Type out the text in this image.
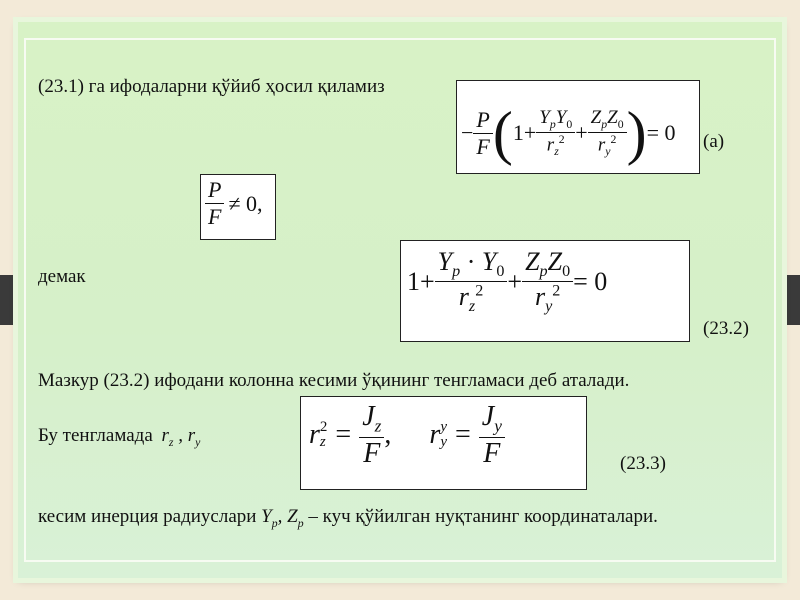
(23.1) га ифодаларни қўйиб ҳосил қиламиз
− $\frac{P}{F}$ ( $1+ \frac{Y_pY_0}{r_z^2} + \frac{Z_pZ_0}{r_y^2}$ ) = 0 (а)
$\frac{P}{F} \ne 0$,
демак	$1+ \frac{Y_p \cdot Y_0}{r_z^2} + \frac{Z_pZ_0}{r_y^2} = 0$
(23.2)
Мазкур (23.2) ифодани колонна кесими ўқининг тенгламаси деб аталади.
Бу тенгламада $r_z$ , $r_y$	r 2
$z = \frac{J_z}{F}$ , r y
$y = \frac{J_y}{F}$	(23.3)
кесим инерция радиуслари $Y_p$, $Z_p$ – куч қўйилган нуқтанинг координаталари.
